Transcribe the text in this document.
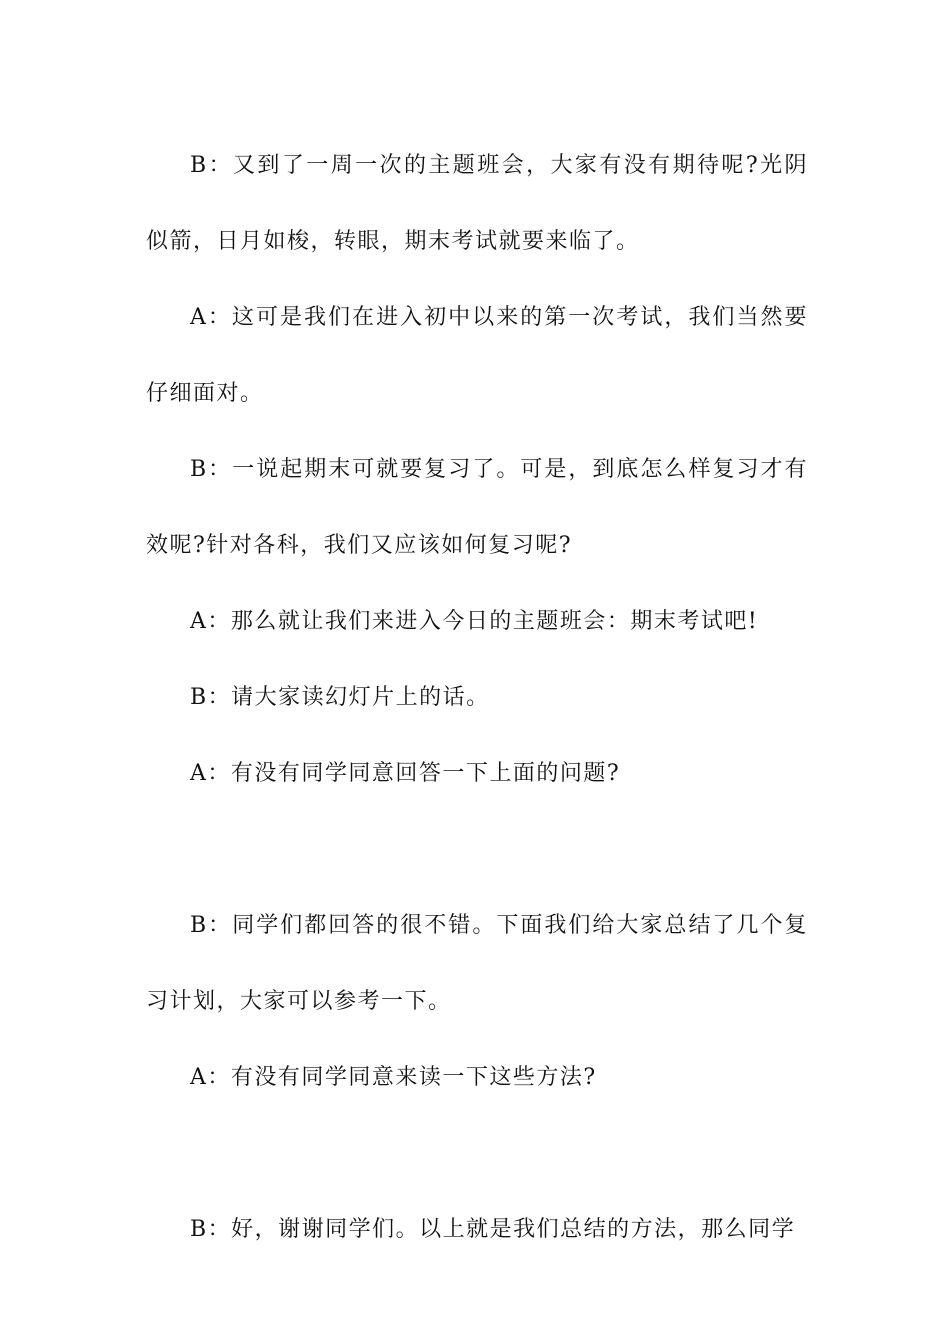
B：又到了一周一次的主题班会，大家有没有期待呢?光阴似箭，日月如梭，转眼，期末考试就要来临了。

A：这可是我们在进入初中以来的第一次考试，我们当然要仔细面对。

B：一说起期末可就要复习了。可是，到底怎么样复习才有效呢?针对各科，我们又应该如何复习呢?

A：那么就让我们来进入今日的主题班会：期末考试吧!

B：请大家读幻灯片上的话。

A：有没有同学同意回答一下上面的问题?

B：同学们都回答的很不错。下面我们给大家总结了几个复习计划，大家可以参考一下。

A：有没有同学同意来读一下这些方法?

B：好，谢谢同学们。以上就是我们总结的方法，那么同学
